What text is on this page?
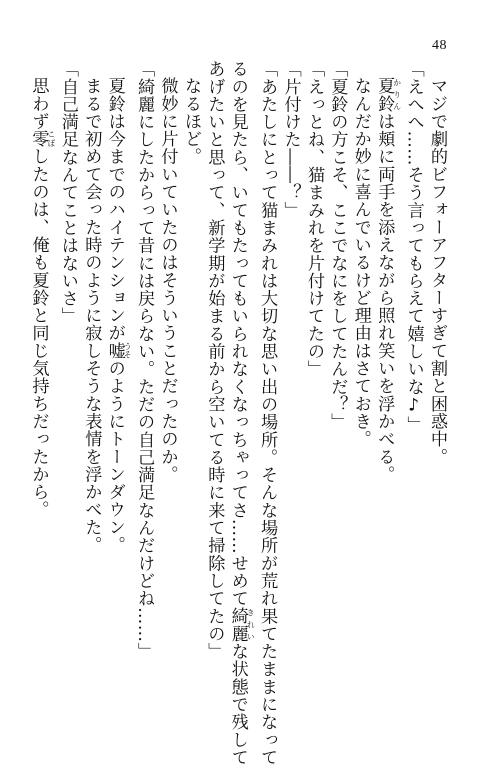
48
マジで劇的ビフォーアフターすぎて割と困惑中。
「えへへ……そう言ってもらえて嬉しいな♪」
夏鈴かりんは頬に両手を添えながら照れ笑いを浮かべる。
なんだか妙に喜んでいるけど理由はさておき。
「夏鈴の方こそ、ここでなにをしてたんだ？」
「えっとね、猫まみれを片付けてたの」
「片付けた――？」
「あたしにとって猫まみれは大切な思い出の場所。そんな場所が荒れ果てたままになって
るのを見たら、いてもたってもいられなくなっちゃってさ……せめて綺麗きれいな状態で残して
あげたいと思って、新学期が始まる前から空いてる時に来て掃除してたの」
なるほど。
微妙に片付いていたのはそういうことだったのか。
「綺麗にしたからって昔には戻らない。ただの自己満足なんだけどね……」
夏鈴は今までのハイテンションが嘘うそのようにトーンダウン。
まるで初めて会った時のように寂しそうな表情を浮かべた。
「自己満足なんてことはないさ」
思わず零こぼしたのは、俺も夏鈴と同じ気持ちだったから。
